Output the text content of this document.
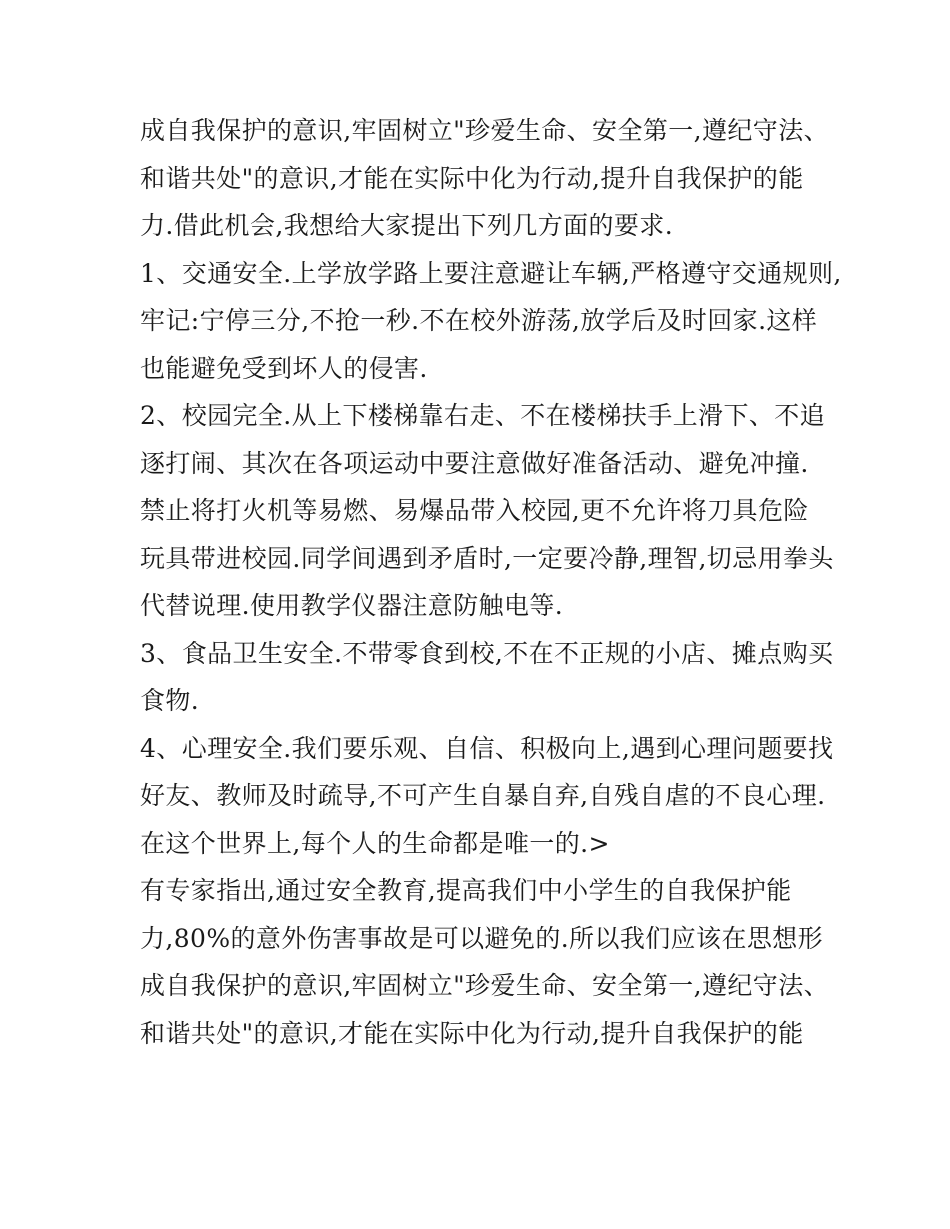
成自我保护的意识,牢固树立"珍爱生命、安全第一,遵纪守法、
和谐共处"的意识,才能在实际中化为行动,提升自我保护的能
力.借此机会,我想给大家提出下列几方面的要求.
1、交通安全.上学放学路上要注意避让车辆,严格遵守交通规则,
牢记:宁停三分,不抢一秒.不在校外游荡,放学后及时回家.这样
也能避免受到坏人的侵害.
2、校园完全.从上下楼梯靠右走、不在楼梯扶手上滑下、不追
逐打闹、其次在各项运动中要注意做好准备活动、避免冲撞.
禁止将打火机等易燃、易爆品带入校园,更不允许将刀具危险
玩具带进校园.同学间遇到矛盾时,一定要冷静,理智,切忌用拳头
代替说理.使用教学仪器注意防触电等.
3、食品卫生安全.不带零食到校,不在不正规的小店、摊点购买
食物.
4、心理安全.我们要乐观、自信、积极向上,遇到心理问题要找
好友、教师及时疏导,不可产生自暴自弃,自残自虐的不良心理.
在这个世界上,每个人的生命都是唯一的.>
有专家指出,通过安全教育,提高我们中小学生的自我保护能
力,80%的意外伤害事故是可以避免的.所以我们应该在思想形
成自我保护的意识,牢固树立"珍爱生命、安全第一,遵纪守法、
和谐共处"的意识,才能在实际中化为行动,提升自我保护的能
